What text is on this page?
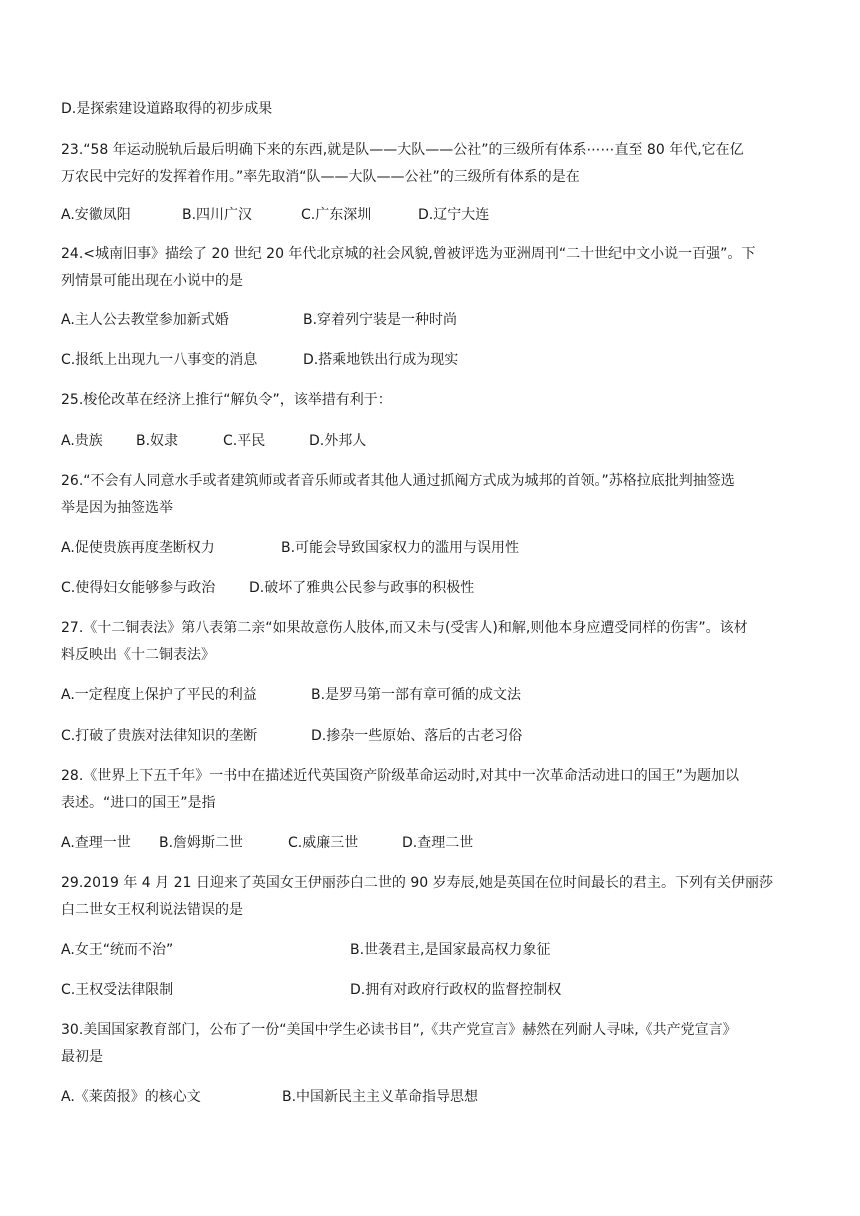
D.是探索建设道路取得的初步成果
23.“58 年运动脱轨后最后明确下来的东西,就是队——大队——公社”的三级所有体系⋯⋯直至 80 年代,它在亿
万农民中完好的发挥着作用。”率先取消“队——大队——公社”的三级所有体系的是在
A.安徽凤阳	B.四川广汉	C.广东深圳	D.辽宁大连
24.<城南旧事》描绘了 20 世纪 20 年代北京城的社会风貌,曾被评选为亚洲周刊“二十世纪中文小说一百强”。下
列情景可能出现在小说中的是
A.主人公去教堂参加新式婚	B.穿着列宁装是一种时尚
C.报纸上出现九一八事变的消息	D.搭乘地铁出行成为现实
25.梭伦改革在经济上推行“解负令”，该举措有利于：
A.贵族 B.奴隶	C.平民	D.外邦人
26.“不会有人同意水手或者建筑师或者音乐师或者其他人通过抓阄方式成为城邦的首领。”苏格拉底批判抽签选
举是因为抽签选举
A.促使贵族再度垄断权力	B.可能会导致国家权力的滥用与误用性
C.使得妇女能够参与政治 D.破坏了雅典公民参与政事的积极性
27.《十二铜表法》第八表第二亲“如果故意伤人肢体,而又未与(受害人)和解,则他本身应遭受同样的伤害”。该材
料反映出《十二铜表法》
A.一定程度上保护了平民的利益	B.是罗马第一部有章可循的成文法
C.打破了贵族对法律知识的垄断	D.掺杂一些原始、落后的古老习俗
28.《世界上下五千年》一书中在描述近代英国资产阶级革命运动时,对其中一次革命活动进口的国王”为题加以
表述。“进口的国王”是指
A.查理一世 B.詹姆斯二世	C.威廉三世	D.查理二世
29.2019 年 4 月 21 日迎来了英国女王伊丽莎白二世的 90 岁寿辰,她是英国在位时间最长的君主。下列有关伊丽莎
白二世女王权利说法错误的是
A.女王“统而不治”	B.世袭君主,是国家最高权力象征
C.王权受法律限制	D.拥有对政府行政权的监督控制权
30.美国国家教育部门，公布了一份“美国中学生必读书目”,《共产党宣言》赫然在列耐人寻味,《共产党宣言》
最初是
A.《莱茵报》的核心文	B.中国新民主主义革命指导思想
